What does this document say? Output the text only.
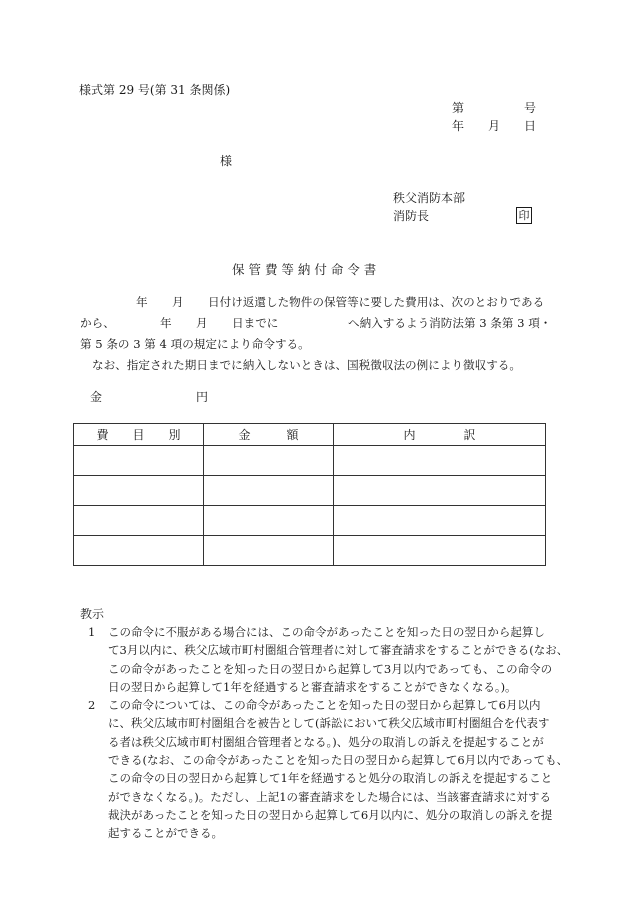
様式第 29 号(第 31 条関係)
第	号
年 月 日
様
秩父消防本部
消防長	印
保 管 費 等 納 付 命 令 書

年 月 日付け返還した物件の保管等に要した費用は、次のとおりである

から、	年 月 日までに	へ納入するよう消防法第 3 条第 3 項・

第 5 条の 3 第 4 項の規定により命令する。

なお、指定された期日までに納入しないときは、国税徴収法の例により徴収する。

金	円
費　　目　　別	金　　　額	内　　　　訳

教示
1	この命令に不服がある場合には、この命令があったことを知った日の翌日から起算し

て3月以内に、秩父広域市町村圏組合管理者に対して審査請求をすることができる(なお、

この命令があったことを知った日の翌日から起算して3月以内であっても、この命令の

日の翌日から起算して1年を経過すると審査請求をすることができなくなる。)。

2	この命令については、この命令があったことを知った日の翌日から起算して6月以内

に、秩父広域市町村圏組合を被告として(訴訟において秩父広域市町村圏組合を代表す

る者は秩父広域市町村圏組合管理者となる。)、処分の取消しの訴えを提起することが

できる(なお、この命令があったことを知った日の翌日から起算して6月以内であっても、

この命令の日の翌日から起算して1年を経過すると処分の取消しの訴えを提起すること

ができなくなる。)。ただし、上記1の審査請求をした場合には、当該審査請求に対する

裁決があったことを知った日の翌日から起算して6月以内に、処分の取消しの訴えを提

起することができる。
